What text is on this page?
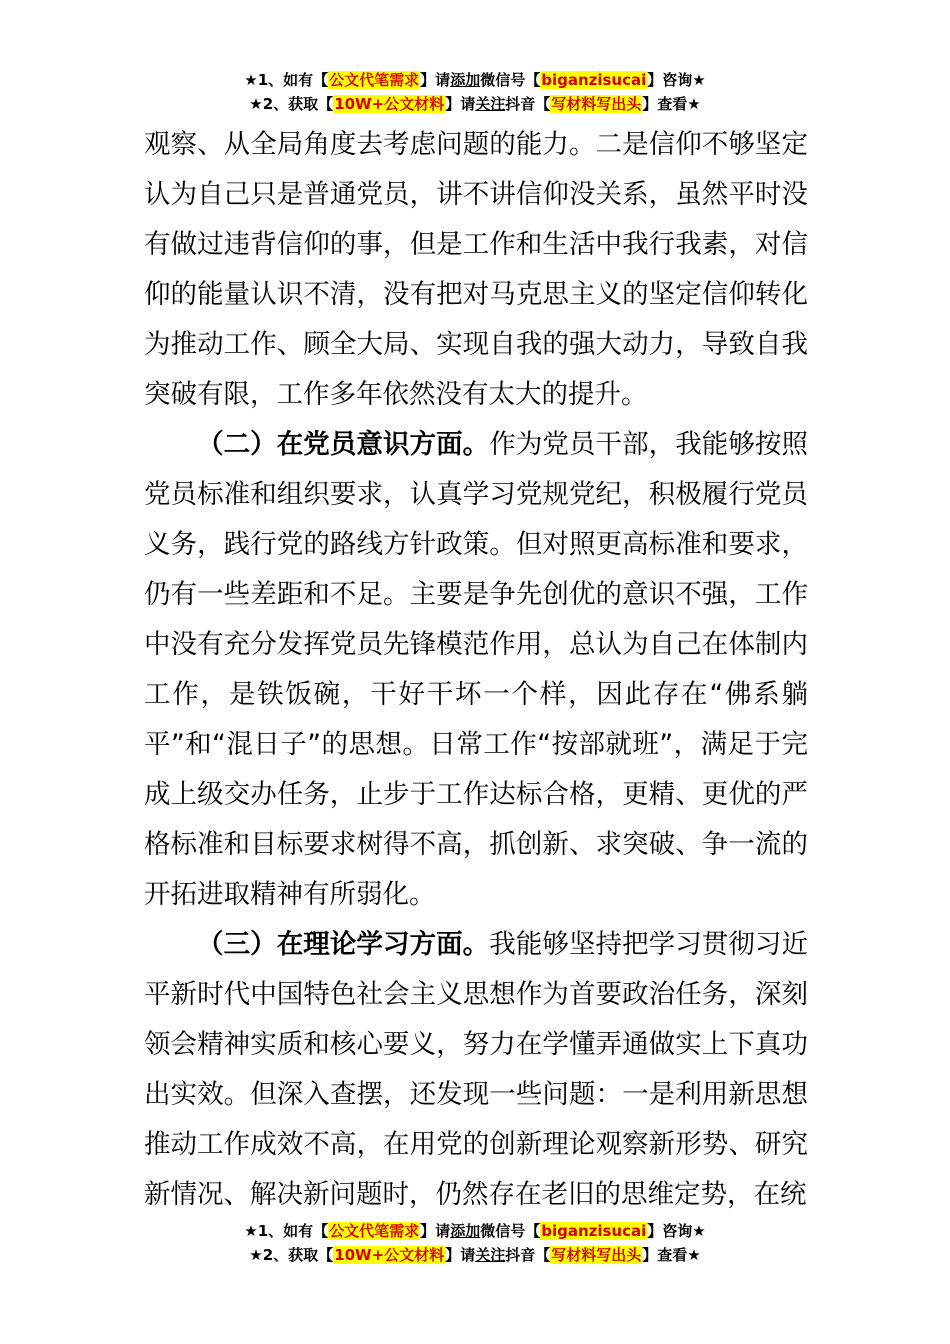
★1、如有【公文代笔需求】请添加微信号【biganzisucai】咨询★
★2、获取【10W+公文材料】请关注抖音【写材料写出头】查看★

观察、从全局角度去考虑问题的能力。二是信仰不够坚定认为自己只是普通党员，讲不讲信仰没关系，虽然平时没有做过违背信仰的事，但是工作和生活中我行我素，对信仰的能量认识不清，没有把对马克思主义的坚定信仰转化为推动工作、顾全大局、实现自我的强大动力，导致自我突破有限，工作多年依然没有太大的提升。

（二）在党员意识方面。作为党员干部，我能够按照党员标准和组织要求，认真学习党规党纪，积极履行党员义务，践行党的路线方针政策。但对照更高标准和要求，仍有一些差距和不足。主要是争先创优的意识不强，工作中没有充分发挥党员先锋模范作用，总认为自己在体制内工作，是铁饭碗，干好干坏一个样，因此存在“佛系躺平”和“混日子”的思想。日常工作“按部就班”，满足于完成上级交办任务，止步于工作达标合格，更精、更优的严格标准和目标要求树得不高，抓创新、求突破、争一流的开拓进取精神有所弱化。

（三）在理论学习方面。我能够坚持把学习贯彻习近平新时代中国特色社会主义思想作为首要政治任务，深刻领会精神实质和核心要义，努力在学懂弄通做实上下真功出实效。但深入查摆，还发现一些问题：一是利用新思想推动工作成效不高，在用党的创新理论观察新形势、研究新情况、解决新问题时，仍然存在老旧的思维定势，在统

★1、如有【公文代笔需求】请添加微信号【biganzisucai】咨询★
★2、获取【10W+公文材料】请关注抖音【写材料写出头】查看★
